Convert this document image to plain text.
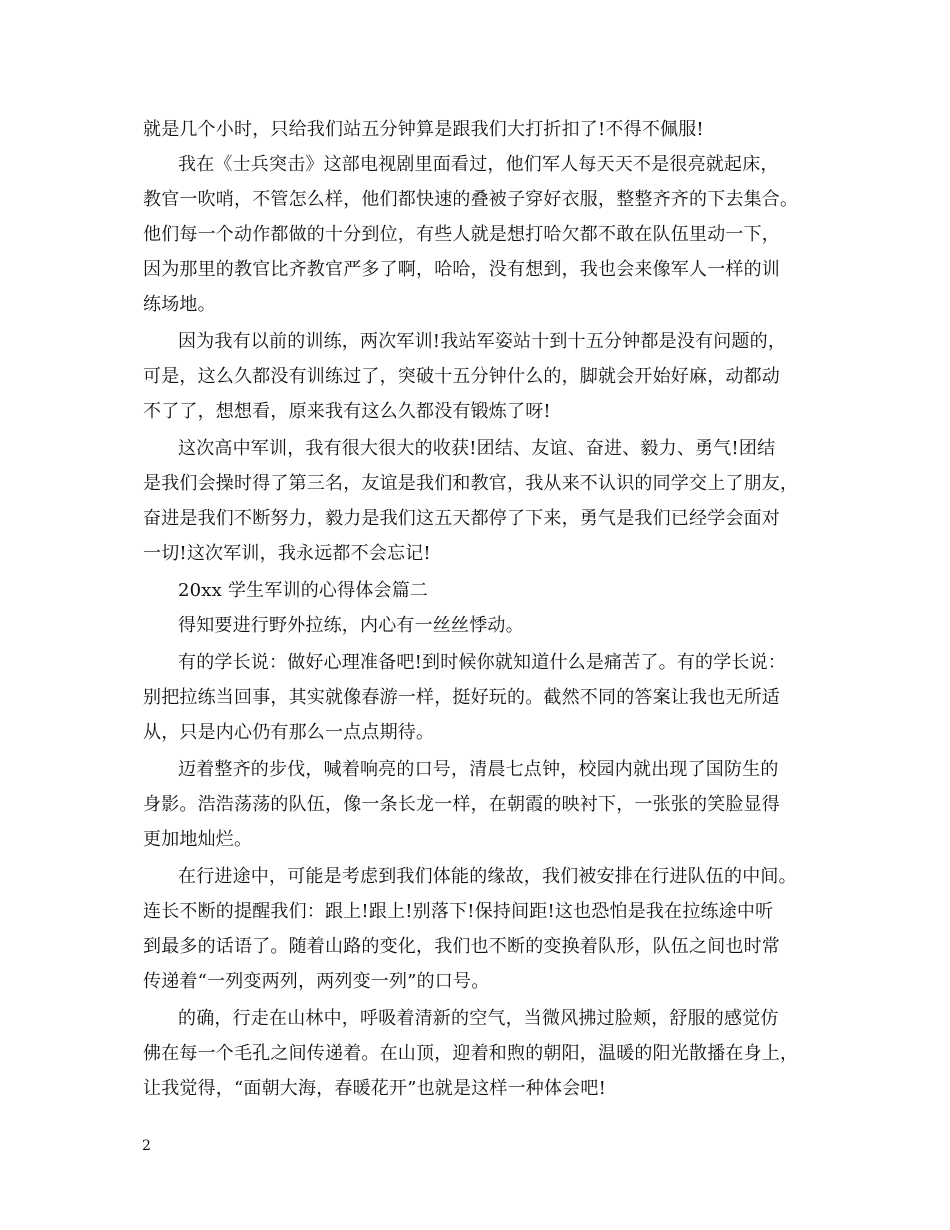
就是几个小时，只给我们站五分钟算是跟我们大打折扣了!不得不佩服!
我在《士兵突击》这部电视剧里面看过，他们军人每天天不是很亮就起床，
教官一吹哨，不管怎么样，他们都快速的叠被子穿好衣服，整整齐齐的下去集合。
他们每一个动作都做的十分到位，有些人就是想打哈欠都不敢在队伍里动一下，
因为那里的教官比齐教官严多了啊，哈哈，没有想到，我也会来像军人一样的训
练场地。
因为我有以前的训练，两次军训!我站军姿站十到十五分钟都是没有问题的，
可是，这么久都没有训练过了，突破十五分钟什么的，脚就会开始好麻，动都动
不了了，想想看，原来我有这么久都没有锻炼了呀!
这次高中军训，我有很大很大的收获!团结、友谊、奋进、毅力、勇气!团结
是我们会操时得了第三名，友谊是我们和教官，我从来不认识的同学交上了朋友，
奋进是我们不断努力，毅力是我们这五天都停了下来，勇气是我们已经学会面对
一切!这次军训，我永远都不会忘记!
20xx 学生军训的心得体会篇二
得知要进行野外拉练，内心有一丝丝悸动。
有的学长说：做好心理准备吧!到时候你就知道什么是痛苦了。有的学长说：
别把拉练当回事，其实就像春游一样，挺好玩的。截然不同的答案让我也无所适
从，只是内心仍有那么一点点期待。
迈着整齐的步伐，喊着响亮的口号，清晨七点钟，校园内就出现了国防生的
身影。浩浩荡荡的队伍，像一条长龙一样，在朝霞的映衬下，一张张的笑脸显得
更加地灿烂。
在行进途中，可能是考虑到我们体能的缘故，我们被安排在行进队伍的中间。
连长不断的提醒我们：跟上!跟上!别落下!保持间距!这也恐怕是我在拉练途中听
到最多的话语了。随着山路的变化，我们也不断的变换着队形，队伍之间也时常
传递着“一列变两列，两列变一列”的口号。
的确，行走在山林中，呼吸着清新的空气，当微风拂过脸颊，舒服的感觉仿
佛在每一个毛孔之间传递着。在山顶，迎着和煦的朝阳，温暖的阳光散播在身上，
让我觉得，“面朝大海，春暖花开”也就是这样一种体会吧!
2
